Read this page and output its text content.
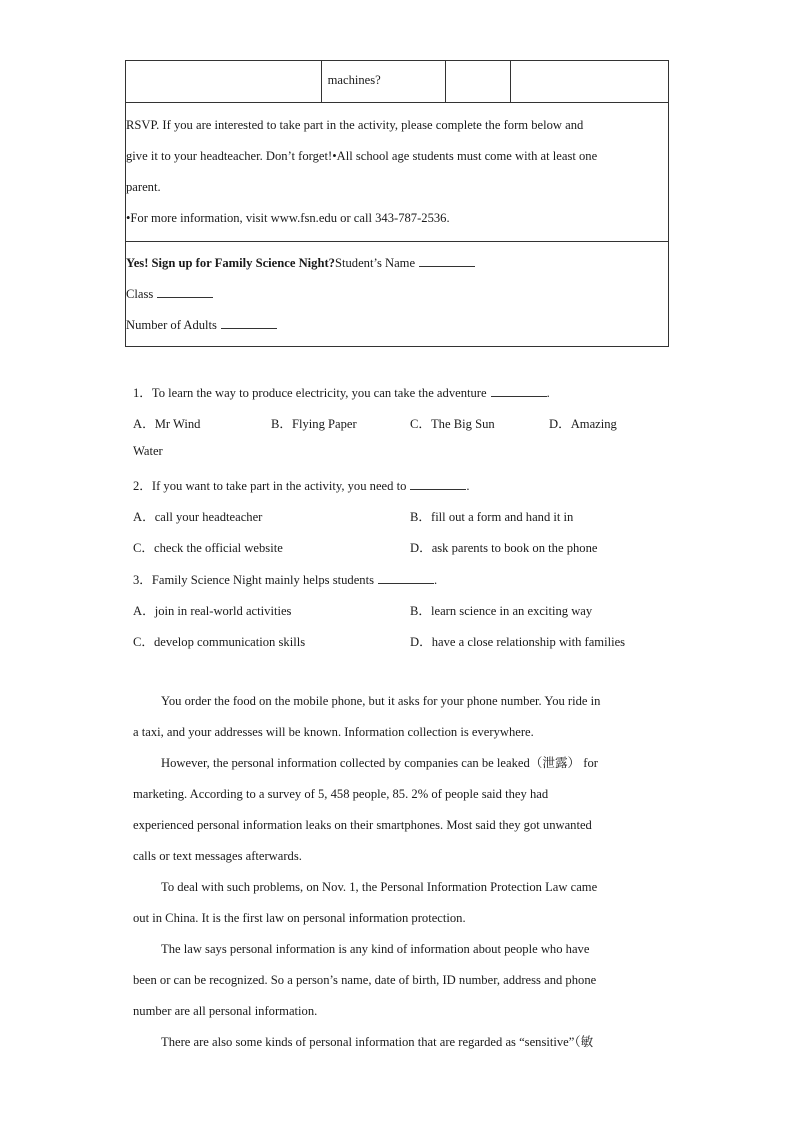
machines?

RSVP. If you are interested to take part in the activity, please complete the form below and
give it to your headteacher. Don’t forget!•All school age students must come with at least one
parent.
•For more information, visit www.fsn.edu or call 343-787-2536.

Yes! Sign up for Family Science Night?Student’s Name
Class
Number of Adults
1．To learn the way to produce electricity, you can take the adventure	.
A．Mr Wind	B．Flying Paper	C．The Big Sun	D．Amazing
Water
2．If you want to take part in the activity, you need to	.
A．call your headteacher	B．fill out a form and hand it in
C．check the official website	D．ask parents to book on the phone
3．Family Science Night mainly helps students	.
A．join in real-world activities	B．learn science in an exciting way
C．develop communication skills	D．have a close relationship with families
You order the food on the mobile phone, but it asks for your phone number. You ride in
a taxi, and your addresses will be known. Information collection is everywhere.
However, the personal information collected by companies can be leaked（泄露） for
marketing. According to a survey of 5, 458 people, 85. 2% of people said they had
experienced personal information leaks on their smartphones. Most said they got unwanted
calls or text messages afterwards.
To deal with such problems, on Nov. 1, the Personal Information Protection Law came
out in China. It is the first law on personal information protection.
The law says personal information is any kind of information about people who have
been or can be recognized. So a person’s name, date of birth, ID number, address and phone
number are all personal information.
There are also some kinds of personal information that are regarded as “sensitive”（敏
